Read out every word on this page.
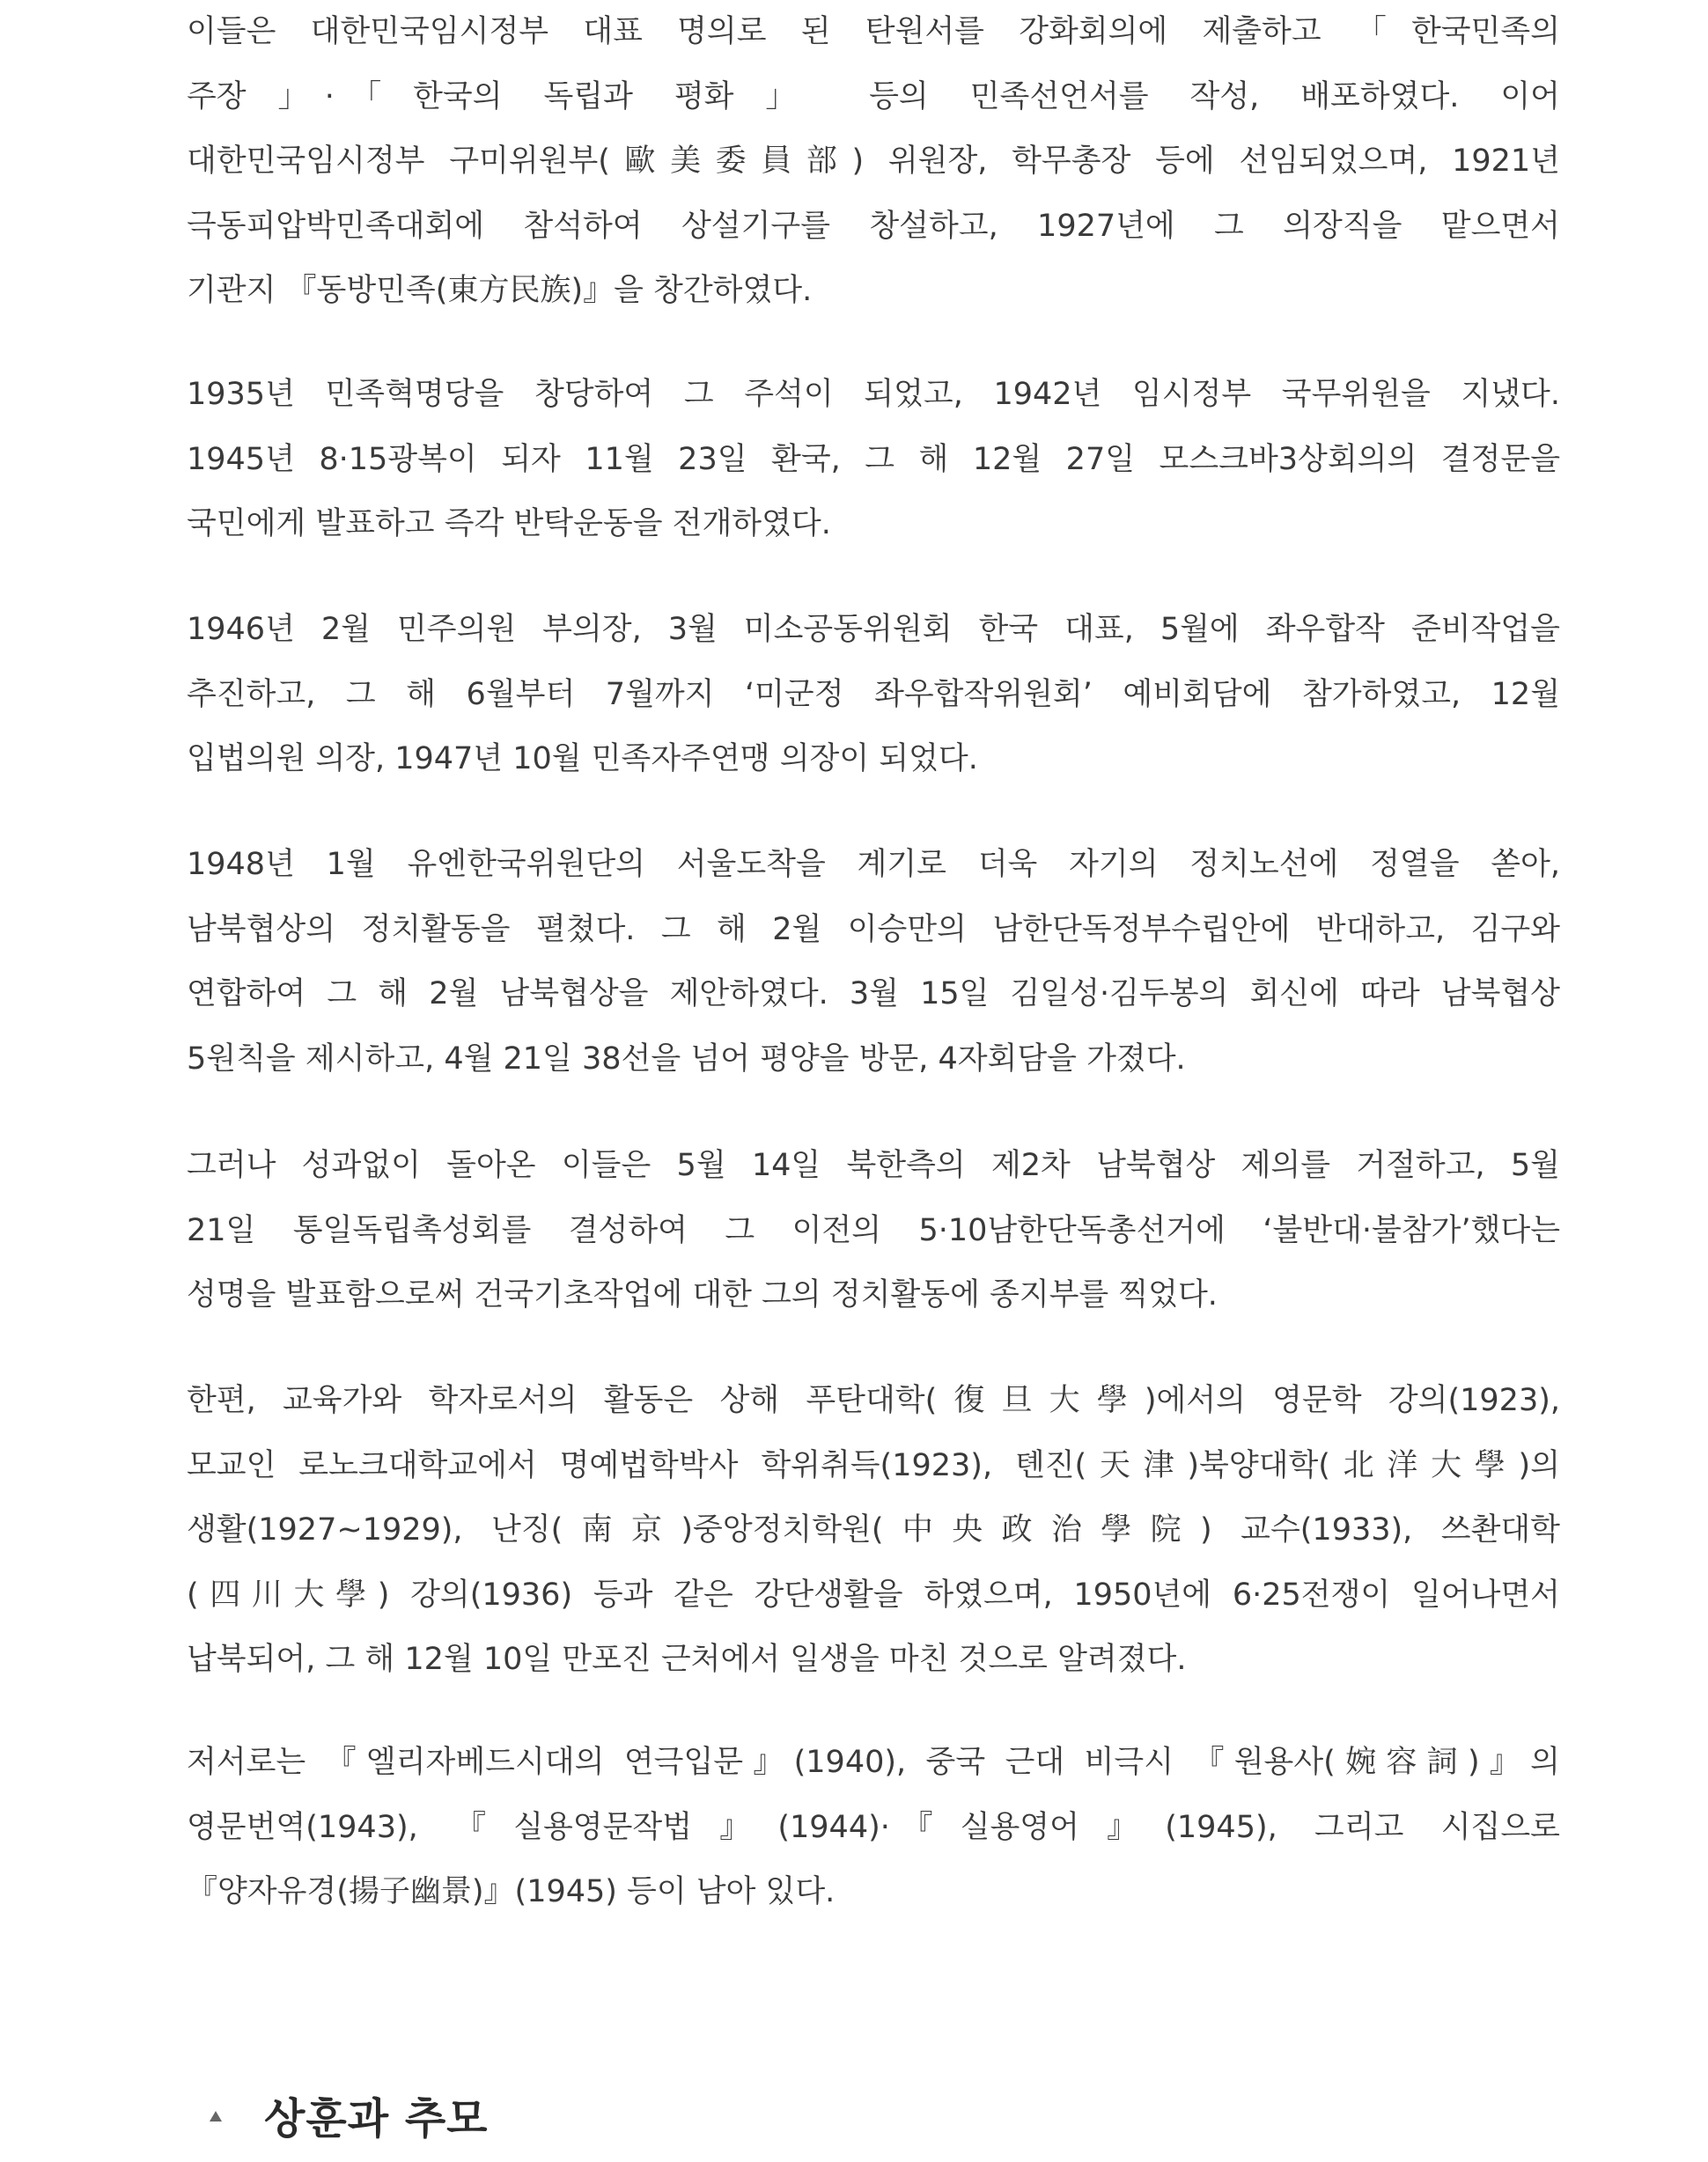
이들은 대한민국임시정부 대표 명의로 된 탄원서를 강화회의에 제출하고 「한국민족의
주장」·「한국의 독립과 평화」 등의 민족선언서를 작성, 배포하였다. 이어
대한민국임시정부 구미위원부(歐美委員部) 위원장, 학무총장 등에 선임되었으며, 1921년
극동피압박민족대회에 참석하여 상설기구를 창설하고, 1927년에 그 의장직을 맡으면서
기관지 『동방민족(東方民族)』을 창간하였다.
1935년 민족혁명당을 창당하여 그 주석이 되었고, 1942년 임시정부 국무위원을 지냈다.
1945년 8·15광복이 되자 11월 23일 환국, 그 해 12월 27일 모스크바3상회의의 결정문을
국민에게 발표하고 즉각 반탁운동을 전개하였다.
1946년 2월 민주의원 부의장, 3월 미소공동위원회 한국 대표, 5월에 좌우합작 준비작업을
추진하고, 그 해 6월부터 7월까지 ‘미군정 좌우합작위원회’ 예비회담에 참가하였고, 12월
입법의원 의장, 1947년 10월 민족자주연맹 의장이 되었다.
1948년 1월 유엔한국위원단의 서울도착을 계기로 더욱 자기의 정치노선에 정열을 쏟아,
남북협상의 정치활동을 펼쳤다. 그 해 2월 이승만의 남한단독정부수립안에 반대하고, 김구와
연합하여 그 해 2월 남북협상을 제안하였다. 3월 15일 김일성·김두봉의 회신에 따라 남북협상
5원칙을 제시하고, 4월 21일 38선을 넘어 평양을 방문, 4자회담을 가졌다.
그러나 성과없이 돌아온 이들은 5월 14일 북한측의 제2차 남북협상 제의를 거절하고, 5월
21일 통일독립촉성회를 결성하여 그 이전의 5·10남한단독총선거에 ‘불반대·불참가’했다는
성명을 발표함으로써 건국기초작업에 대한 그의 정치활동에 종지부를 찍었다.
한편, 교육가와 학자로서의 활동은 상해 푸탄대학(復旦大學)에서의 영문학 강의(1923),
모교인 로노크대학교에서 명예법학박사 학위취득(1923), 톈진(天津)북양대학(北洋大學)의
생활(1927~1929), 난징(南京)중앙정치학원(中央政治學院) 교수(1933), 쓰촨대학
(四川大學) 강의(1936) 등과 같은 강단생활을 하였으며, 1950년에 6·25전쟁이 일어나면서
납북되어, 그 해 12월 10일 만포진 근처에서 일생을 마친 것으로 알려졌다.
저서로는 『엘리자베드시대의 연극입문』(1940), 중국 근대 비극시 『원용사(婉容詞)』의
영문번역(1943), 『실용영문작법』(1944)·『실용영어』(1945), 그리고 시집으로
『양자유경(揚子幽景)』(1945) 등이 남아 있다.
상훈과 추모
